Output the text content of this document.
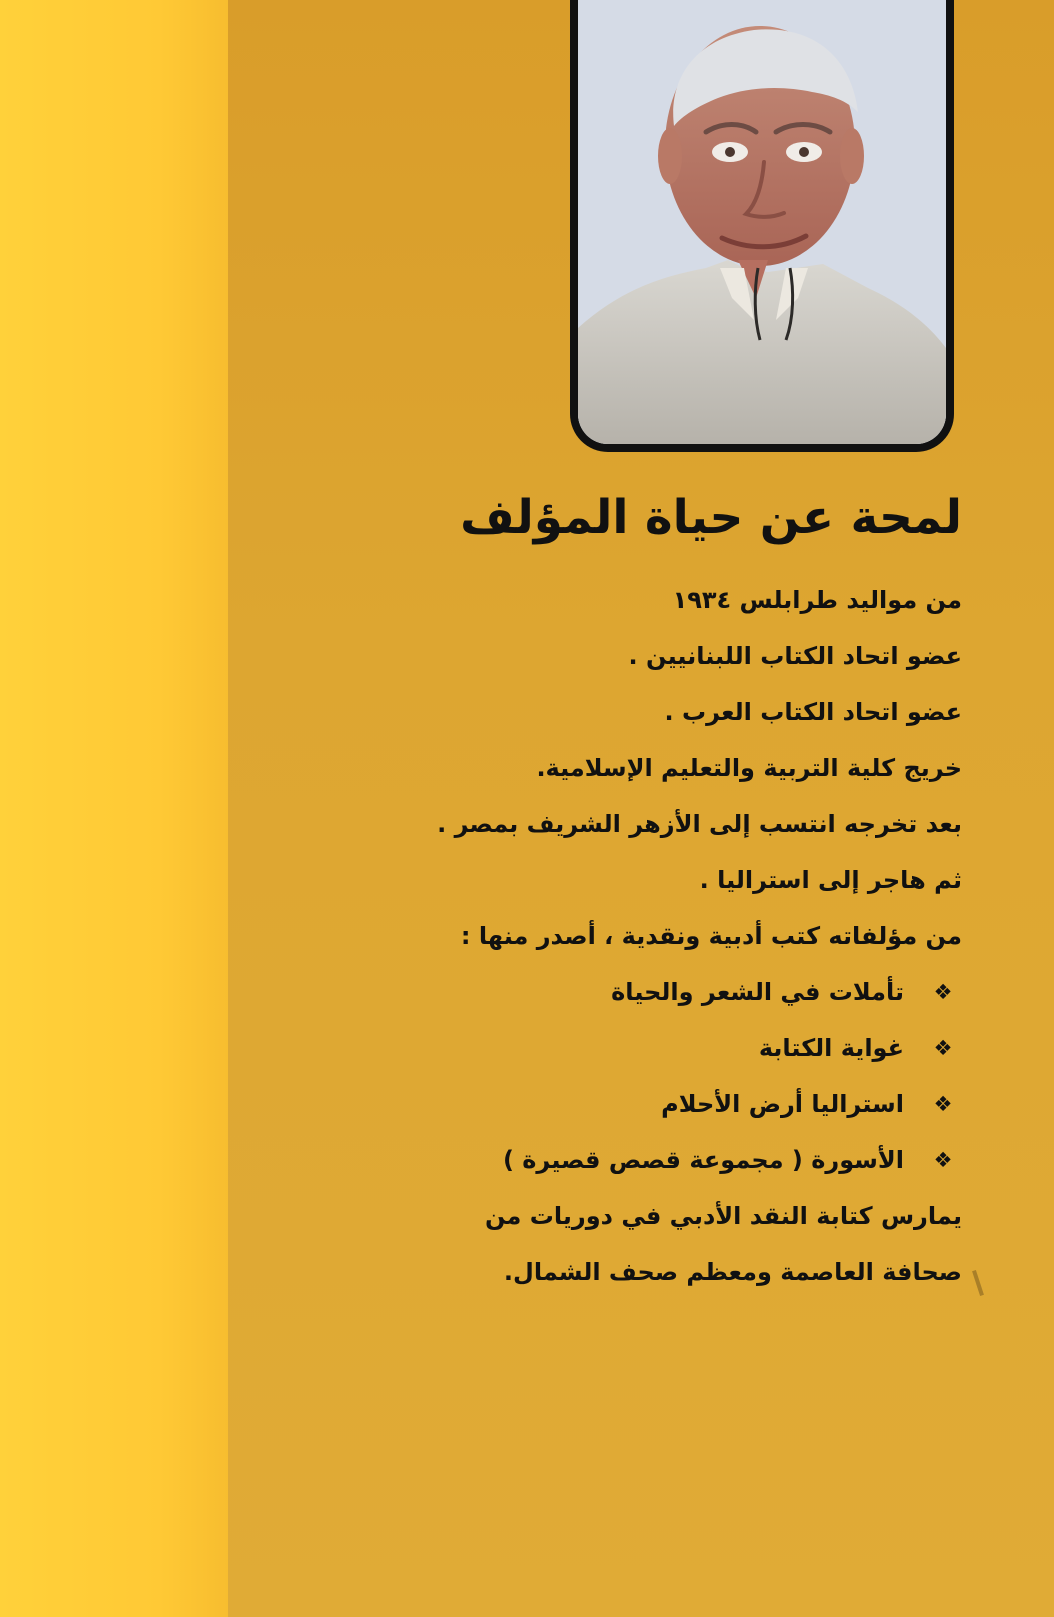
لمحة عن حياة المؤلف
من مواليد طرابلس ١٩٣٤
عضو اتحاد الكتاب اللبنانيين .
عضو اتحاد الكتاب العرب .
خريج كلية التربية والتعليم الإسلامية.
بعد تخرجه انتسب إلى الأزهر الشريف بمصر .
ثم هاجر إلى استراليا .
من مؤلفاته كتب أدبية ونقدية ، أصدر منها :
❖
تأملات في الشعر والحياة
❖
غواية الكتابة
❖
استراليا أرض الأحلام
❖
الأسورة ( مجموعة قصص قصيرة )
يمارس كتابة النقد الأدبي في دوريات من
صحافة العاصمة ومعظم صحف الشمال.
